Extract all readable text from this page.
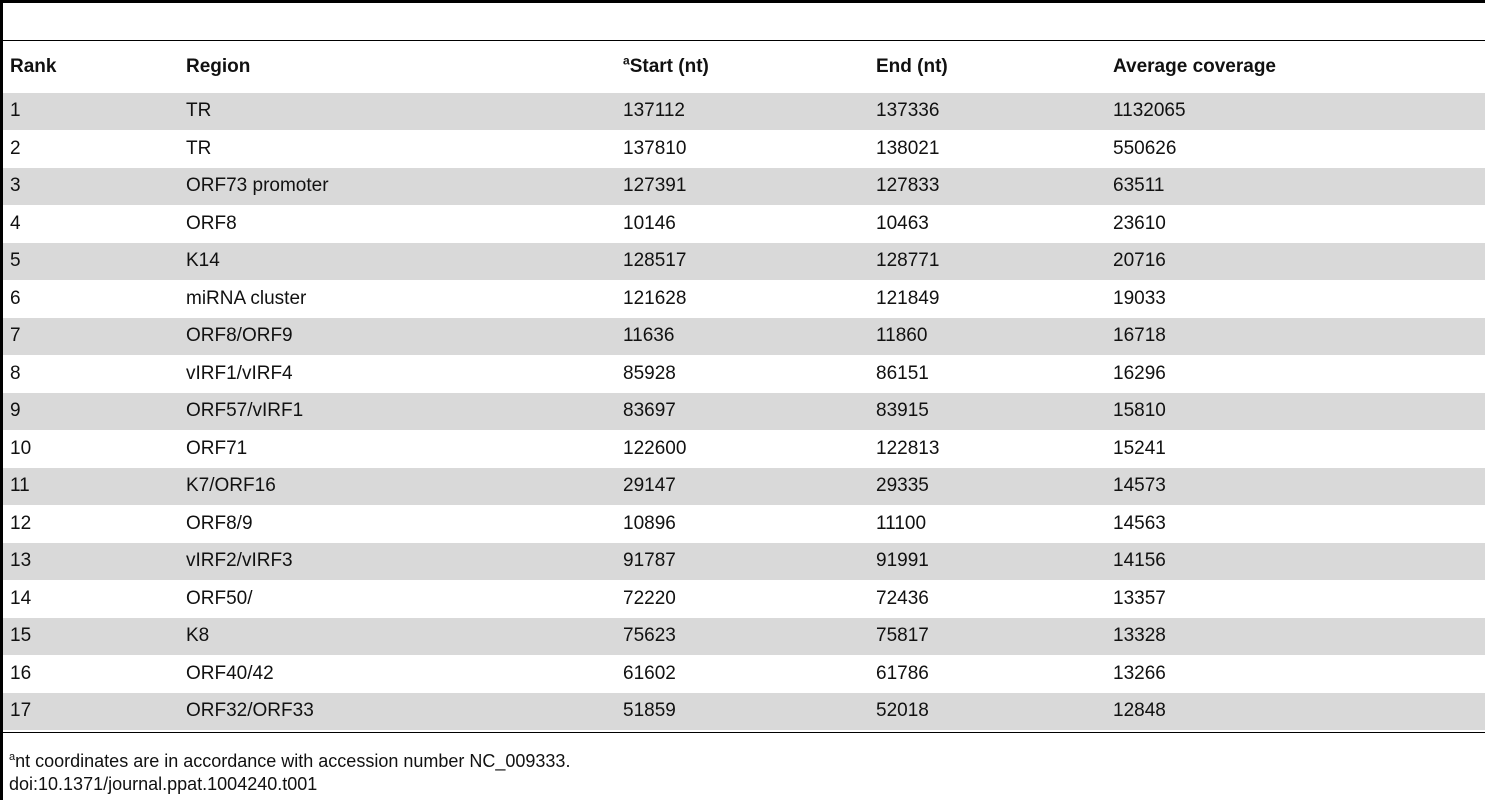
Rank	Region	$^a$Start (nt)	End (nt)	Average coverage
1	TR	137112	137336	1132065
2	TR	137810	138021	550626
3	ORF73 promoter	127391	127833	63511
4	ORF8	10146	10463	23610
5	K14	128517	128771	20716
6	miRNA cluster	121628	121849	19033
7	ORF8/ORF9	11636	11860	16718
8	vIRF1/vIRF4	85928	86151	16296
9	ORF57/vIRF1	83697	83915	15810
10	ORF71	122600	122813	15241
11	K7/ORF16	29147	29335	14573
12	ORF8/9	10896	11100	14563
13	vIRF2/vIRF3	91787	91991	14156
14	ORF50/	72220	72436	13357
15	K8	75623	75817	13328
16	ORF40/42	61602	61786	13266
17	ORF32/ORF33	51859	52018	12848
$^a$nt coordinates are in accordance with accession number NC_009333.
doi:10.1371/journal.ppat.1004240.t001
